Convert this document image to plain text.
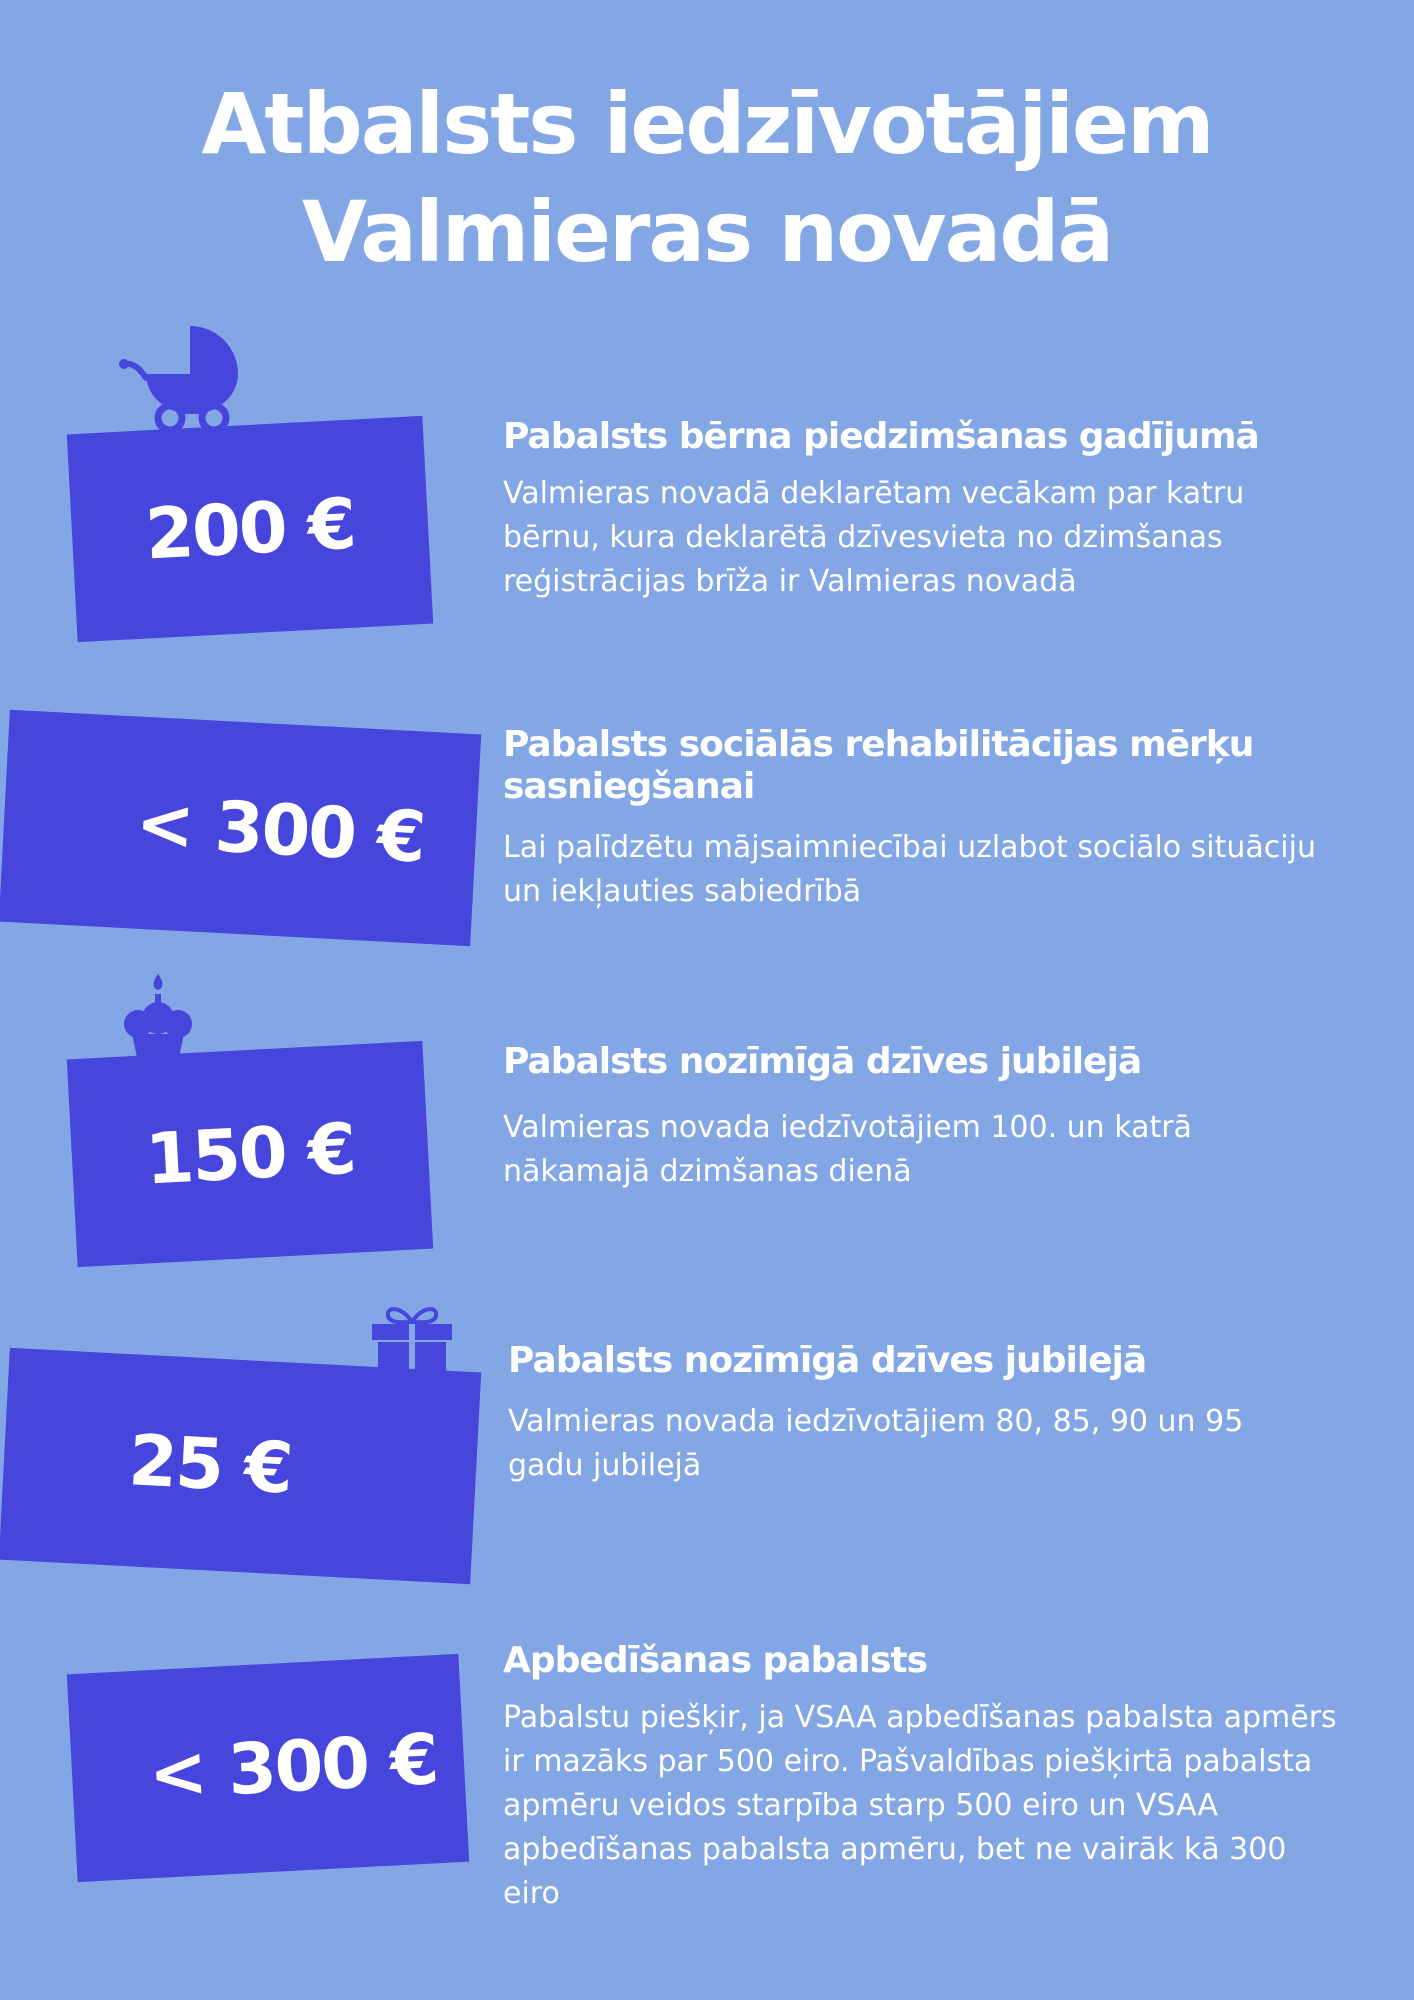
Atbalsts iedzīvotājiem
Valmieras novadā
200 €
Pabalsts bērna piedzimšanas gadījumā
Valmieras novadā deklarētam vecākam par katru bērnu, kura deklarētā dzīvesvieta no dzimšanas reģistrācijas brīža ir Valmieras novadā
< 300 €
Pabalsts sociālās rehabilitācijas mērķu sasniegšanai
Lai palīdzētu mājsaimniecībai uzlabot sociālo situāciju un iekļauties sabiedrībā
150 €
Pabalsts nozīmīgā dzīves jubilejā
Valmieras novada iedzīvotājiem 100. un katrā nākamajā dzimšanas dienā
25 €
Pabalsts nozīmīgā dzīves jubilejā
Valmieras novada iedzīvotājiem 80, 85, 90 un 95 gadu jubilejā
< 300 €
Apbedīšanas pabalsts
Pabalstu piešķir, ja VSAA apbedīšanas pabalsta apmērs ir mazāks par 500 eiro. Pašvaldības piešķirtā pabalsta apmēru veidos starpība starp 500 eiro un VSAA apbedīšanas pabalsta apmēru, bet ne vairāk kā 300 eiro
